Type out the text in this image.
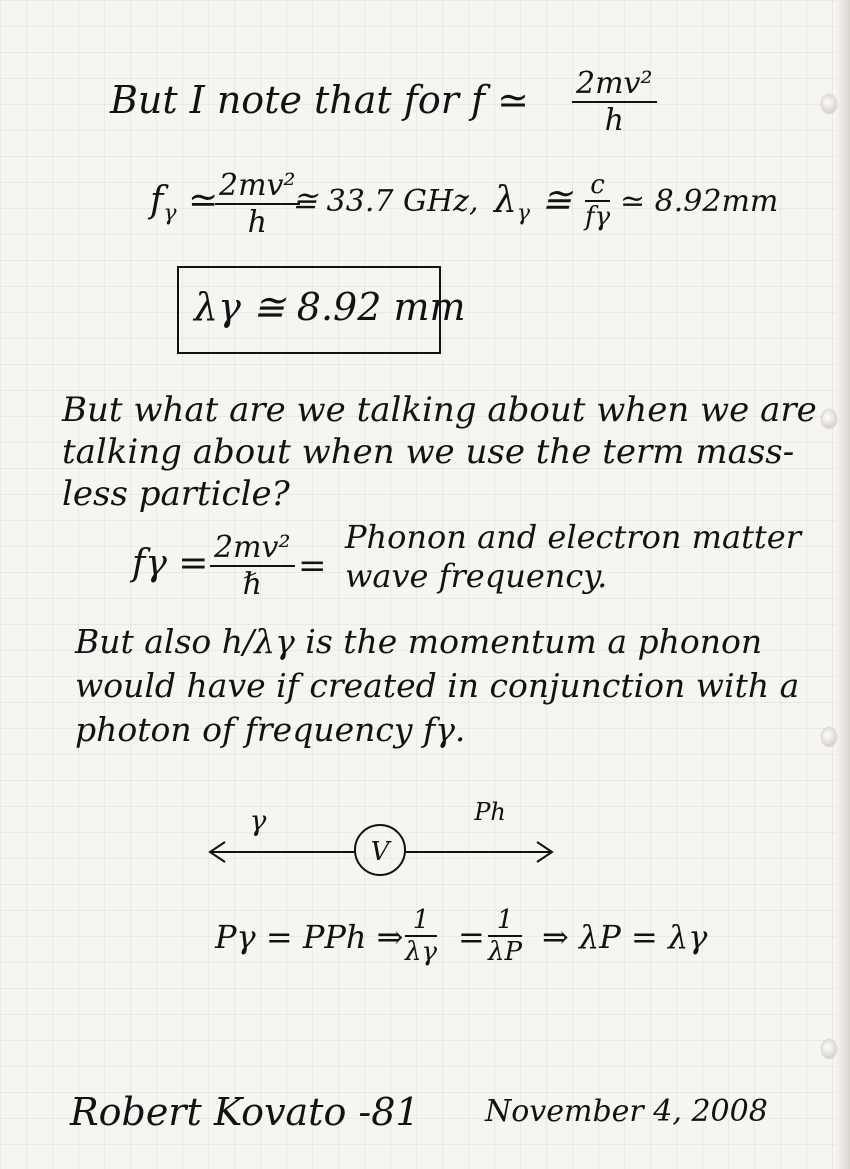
But I note that for f ≃ $\frac{\text{2mv²}}{h}$
$f_\gamma$ ≃
$\frac{\text{2mv²}}{h}$
≅ 33.7 GHz, $\lambda_\gamma$ ≅ $\frac{c}{f\gamma}$ ≃ 8.92mm
λγ ≅ 8.92 mm
But what are we talking about when we are
talking about when we use the term mass-
less particle?
fγ = 2mv²
ℏ	=
Phonon and electron matter
wave frequency.
But also h/λγ is the momentum a phonon
would have if created in conjunction with a
photon of frequency fγ.
V
γ	Ph
Pγ = PPh ⇒ $\frac{1}{\lambda\gamma} = \frac{1}{\lambda P}$ ⇒ λP = λγ
Robert Kovato -81 November 4, 2008
